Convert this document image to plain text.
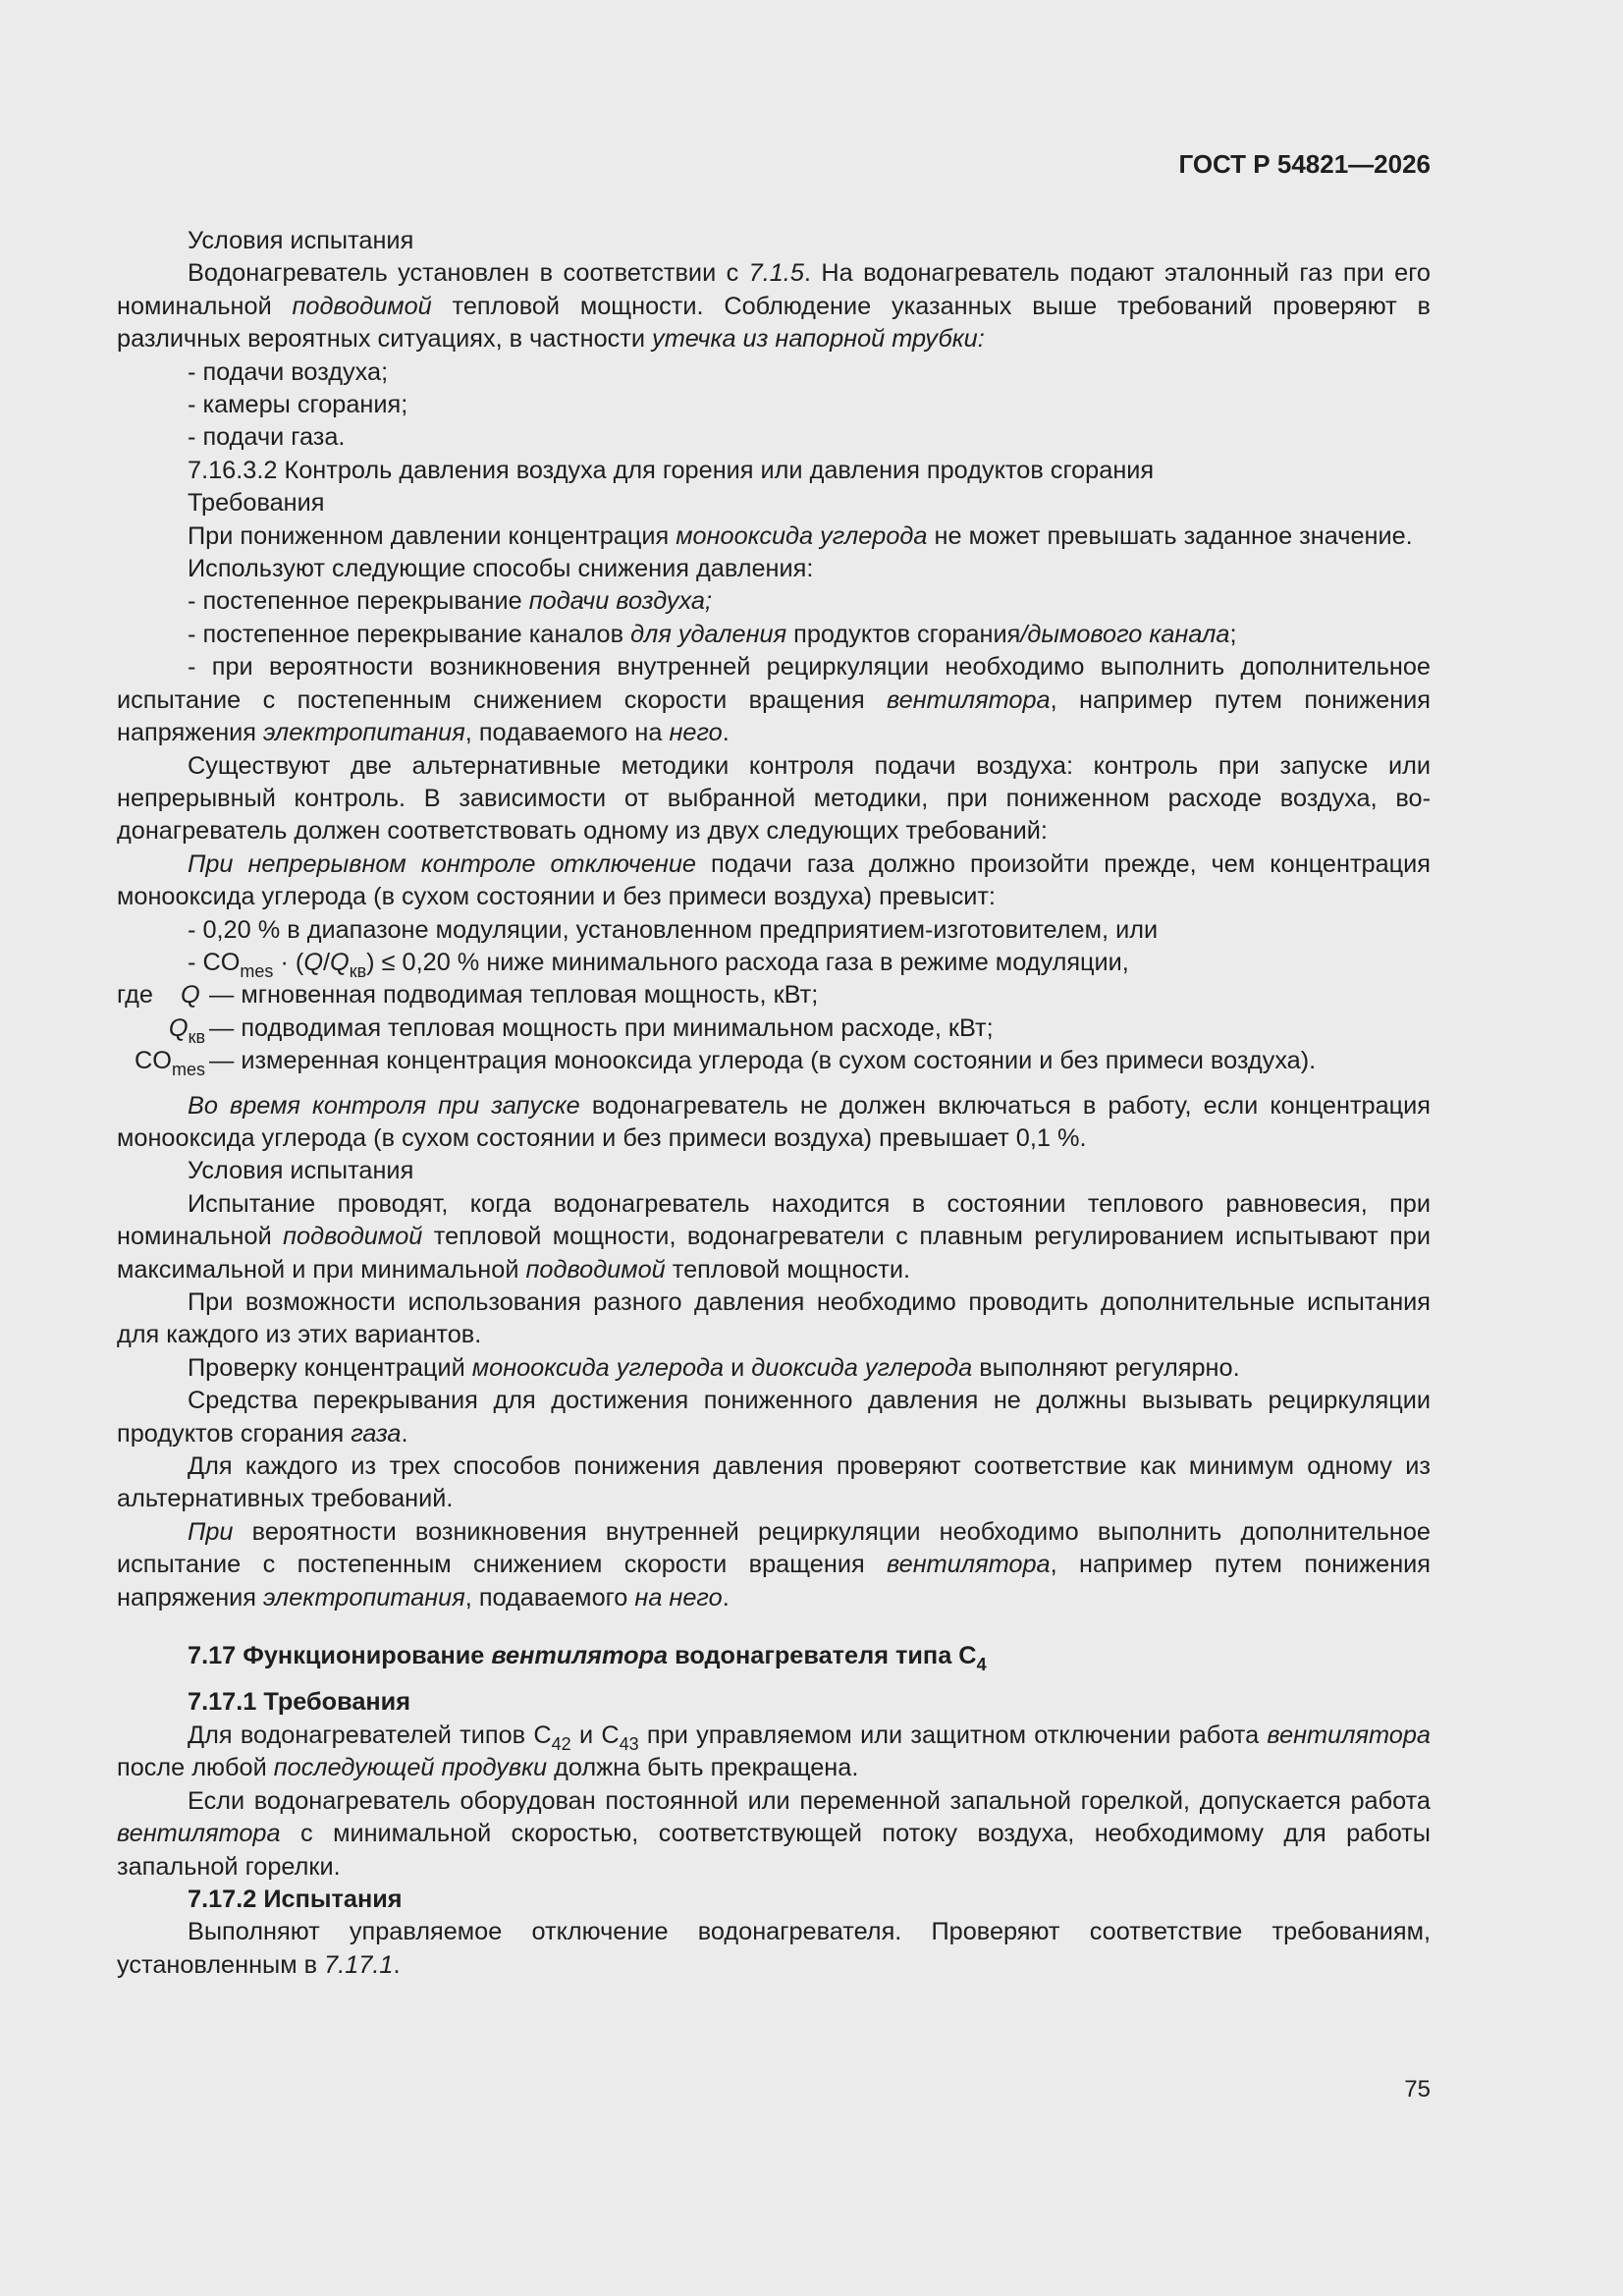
ГОСТ Р 54821—2026

Условия испытания

Водонагреватель установлен в соответствии с 7.1.5. На водонагреватель подают эталонный газ при его номинальной подводимой тепловой мощности. Соблюдение указанных выше требований проверяют в различных вероятных ситуациях, в частности утечка из напорной трубки:

- подачи воздуха;
- камеры сгорания;
- подачи газа.

7.16.3.2 Контроль давления воздуха для горения или давления продуктов сгорания

Требования

При пониженном давлении концентрация монооксида углерода не может превышать заданное значение.

Используют следующие способы снижения давления:

- постепенное перекрывание подачи воздуха;
- постепенное перекрывание каналов для удаления продуктов сгорания/дымового канала;

- при вероятности возникновения внутренней рециркуляции необходимо выполнить дополнительное испытание с постепенным снижением скорости вращения вентилятора, например путем понижения напряжения электропитания, подаваемого на него.

Существуют две альтернативные методики контроля подачи воздуха: контроль при запуске или непрерывный контроль. В зависимости от выбранной методики, при пониженном расходе воздуха, водонагреватель должен соответствовать одному из двух следующих требований:

При непрерывном контроле отключение подачи газа должно произойти прежде, чем концентрация монооксида углерода (в сухом состоянии и без примеси воздуха) превысит:

- 0,20 % в диапазоне модуляции, установленном предприятием-изготовителем, или
- $CO_{mes} \cdot (Q/Q_{кв}) \le 0,20$ % ниже минимального расхода газа в режиме модуляции,
где Q — мгновенная подводимая тепловая мощность, кВт;
$Q_{кв}$ — подводимая тепловая мощность при минимальном расходе, кВт;
$CO_{mes}$ — измеренная концентрация монооксида углерода (в сухом состоянии и без примеси воздуха).

Во время контроля при запуске водонагреватель не должен включаться в работу, если концентрация монооксида углерода (в сухом состоянии и без примеси воздуха) превышает 0,1 %.

Условия испытания

Испытание проводят, когда водонагреватель находится в состоянии теплового равновесия, при номинальной подводимой тепловой мощности, водонагреватели с плавным регулированием испытывают при максимальной и при минимальной подводимой тепловой мощности.

При возможности использования разного давления необходимо проводить дополнительные испытания для каждого из этих вариантов.

Проверку концентраций монооксида углерода и диоксида углерода выполняют регулярно.

Средства перекрывания для достижения пониженного давления не должны вызывать рециркуляции продуктов сгорания газа.

Для каждого из трех способов понижения давления проверяют соответствие как минимум одному из альтернативных требований.

При вероятности возникновения внутренней рециркуляции необходимо выполнить дополнительное испытание с постепенным снижением скорости вращения вентилятора, например путем понижения напряжения электропитания, подаваемого на него.

7.17 Функционирование вентилятора водонагревателя типа $С_4$

7.17.1 Требования

Для водонагревателей типов $С_{42}$ и $С_{43}$ при управляемом или защитном отключении работа вентилятора после любой последующей продувки должна быть прекращена.

Если водонагреватель оборудован постоянной или переменной запальной горелкой, допускается работа вентилятора с минимальной скоростью, соответствующей потоку воздуха, необходимому для работы запальной горелки.

7.17.2 Испытания

Выполняют управляемое отключение водонагревателя. Проверяют соответствие требованиям, установленным в 7.17.1.

75
